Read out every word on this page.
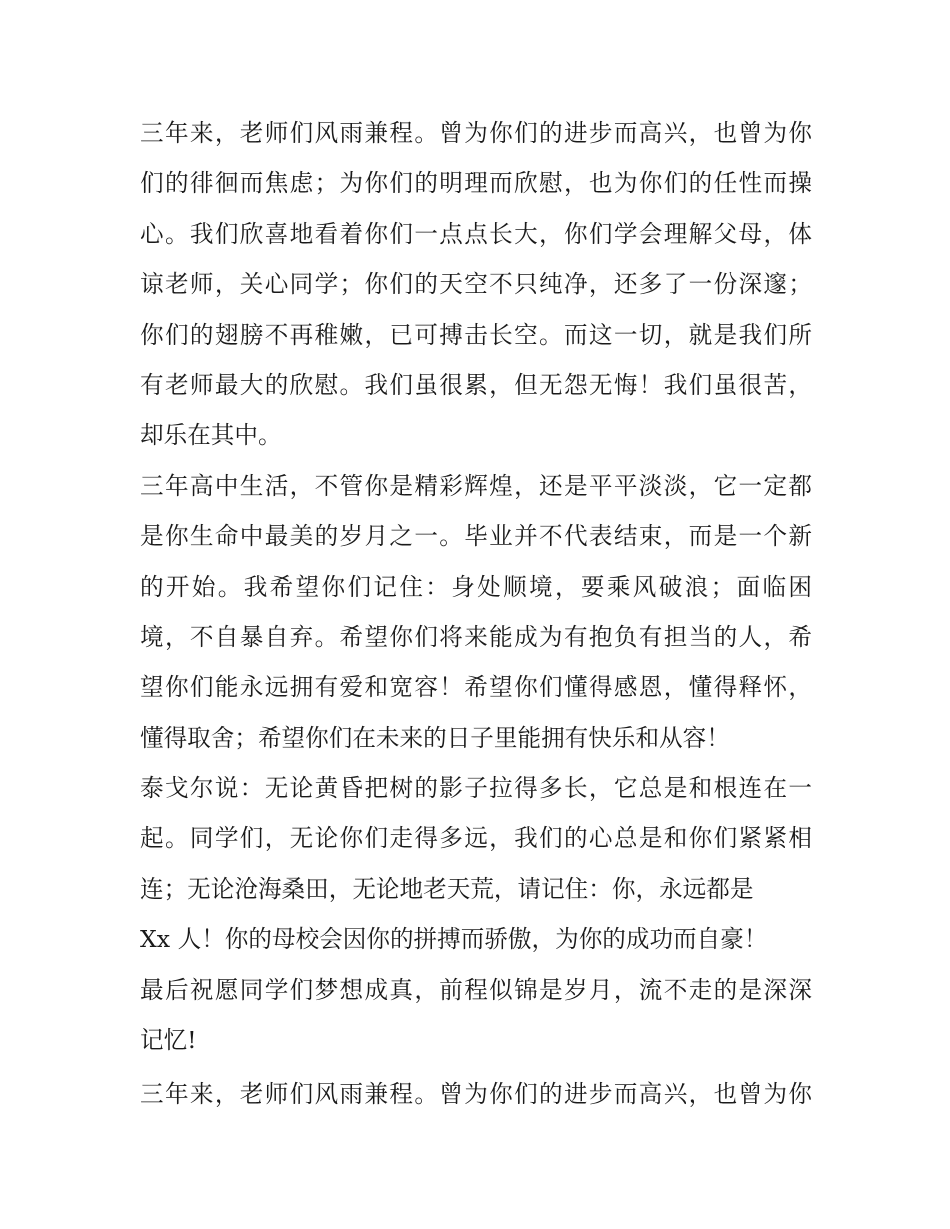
三年来，老师们风雨兼程。曾为你们的进步而高兴，也曾为你
们的徘徊而焦虑；为你们的明理而欣慰，也为你们的任性而操
心。我们欣喜地看着你们一点点长大，你们学会理解父母，体
谅老师，关心同学；你们的天空不只纯净，还多了一份深邃；
你们的翅膀不再稚嫩，已可搏击长空。而这一切，就是我们所
有老师最大的欣慰。我们虽很累，但无怨无悔！我们虽很苦，
却乐在其中。
三年高中生活，不管你是精彩辉煌，还是平平淡淡，它一定都
是你生命中最美的岁月之一。毕业并不代表结束，而是一个新
的开始。我希望你们记住：身处顺境，要乘风破浪；面临困
境，不自暴自弃。希望你们将来能成为有抱负有担当的人，希
望你们能永远拥有爱和宽容！希望你们懂得感恩，懂得释怀，
懂得取舍；希望你们在未来的日子里能拥有快乐和从容！
泰戈尔说：无论黄昏把树的影子拉得多长，它总是和根连在一
起。同学们，无论你们走得多远，我们的心总是和你们紧紧相
连；无论沧海桑田，无论地老天荒，请记住：你，永远都是
Xx 人！你的母校会因你的拼搏而骄傲，为你的成功而自豪！
最后祝愿同学们梦想成真，前程似锦是岁月，流不走的是深深
记忆!
三年来，老师们风雨兼程。曾为你们的进步而高兴，也曾为你
